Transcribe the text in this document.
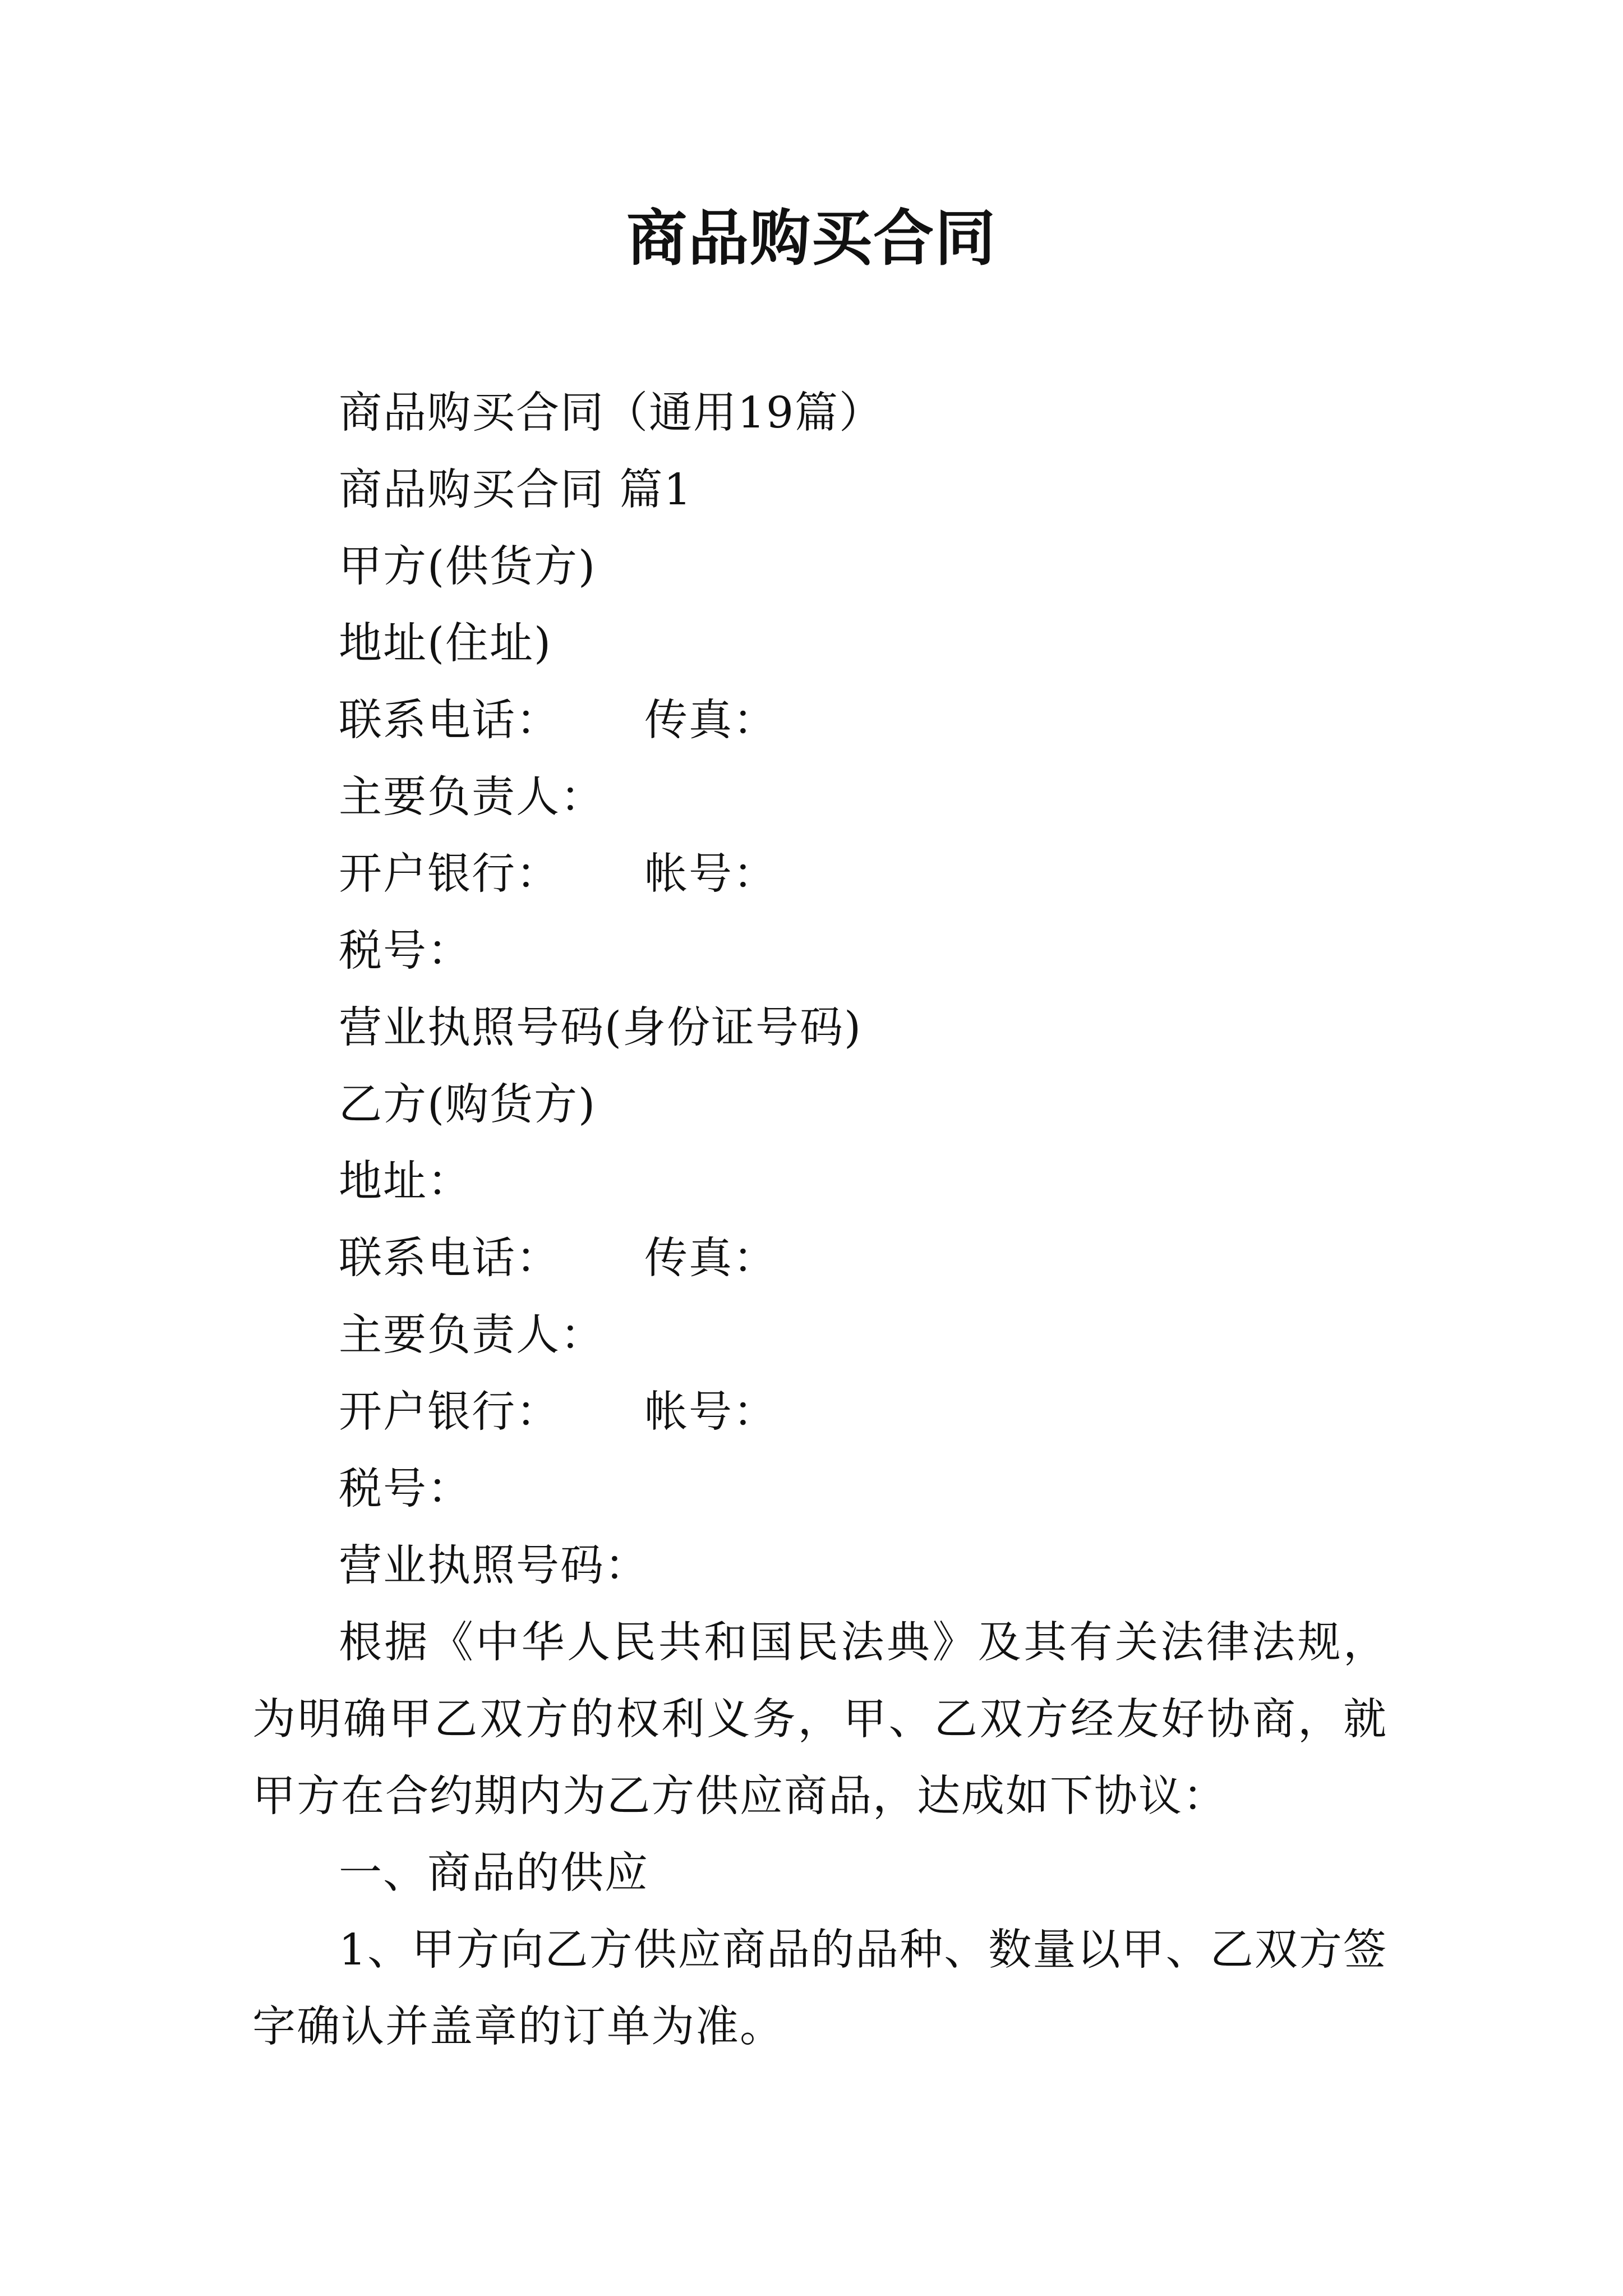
商品购买合同

商品购买合同（通用19篇）

商品购买合同 篇1

甲方(供货方)

地址(住址)

联系电话： 传真：

主要负责人：

开户银行： 帐号：

税号：

营业执照号码(身份证号码)

乙方(购货方)

地址：

联系电话： 传真：

主要负责人：

开户银行： 帐号：

税号：

营业执照号码：

根据《中华人民共和国民法典》及其有关法律法规，为明确甲乙双方的权利义务，甲、乙双方经友好协商，就甲方在合约期内为乙方供应商品，达成如下协议：

一、商品的供应

1、甲方向乙方供应商品的品种、数量以甲、乙双方签字确认并盖章的订单为准。
